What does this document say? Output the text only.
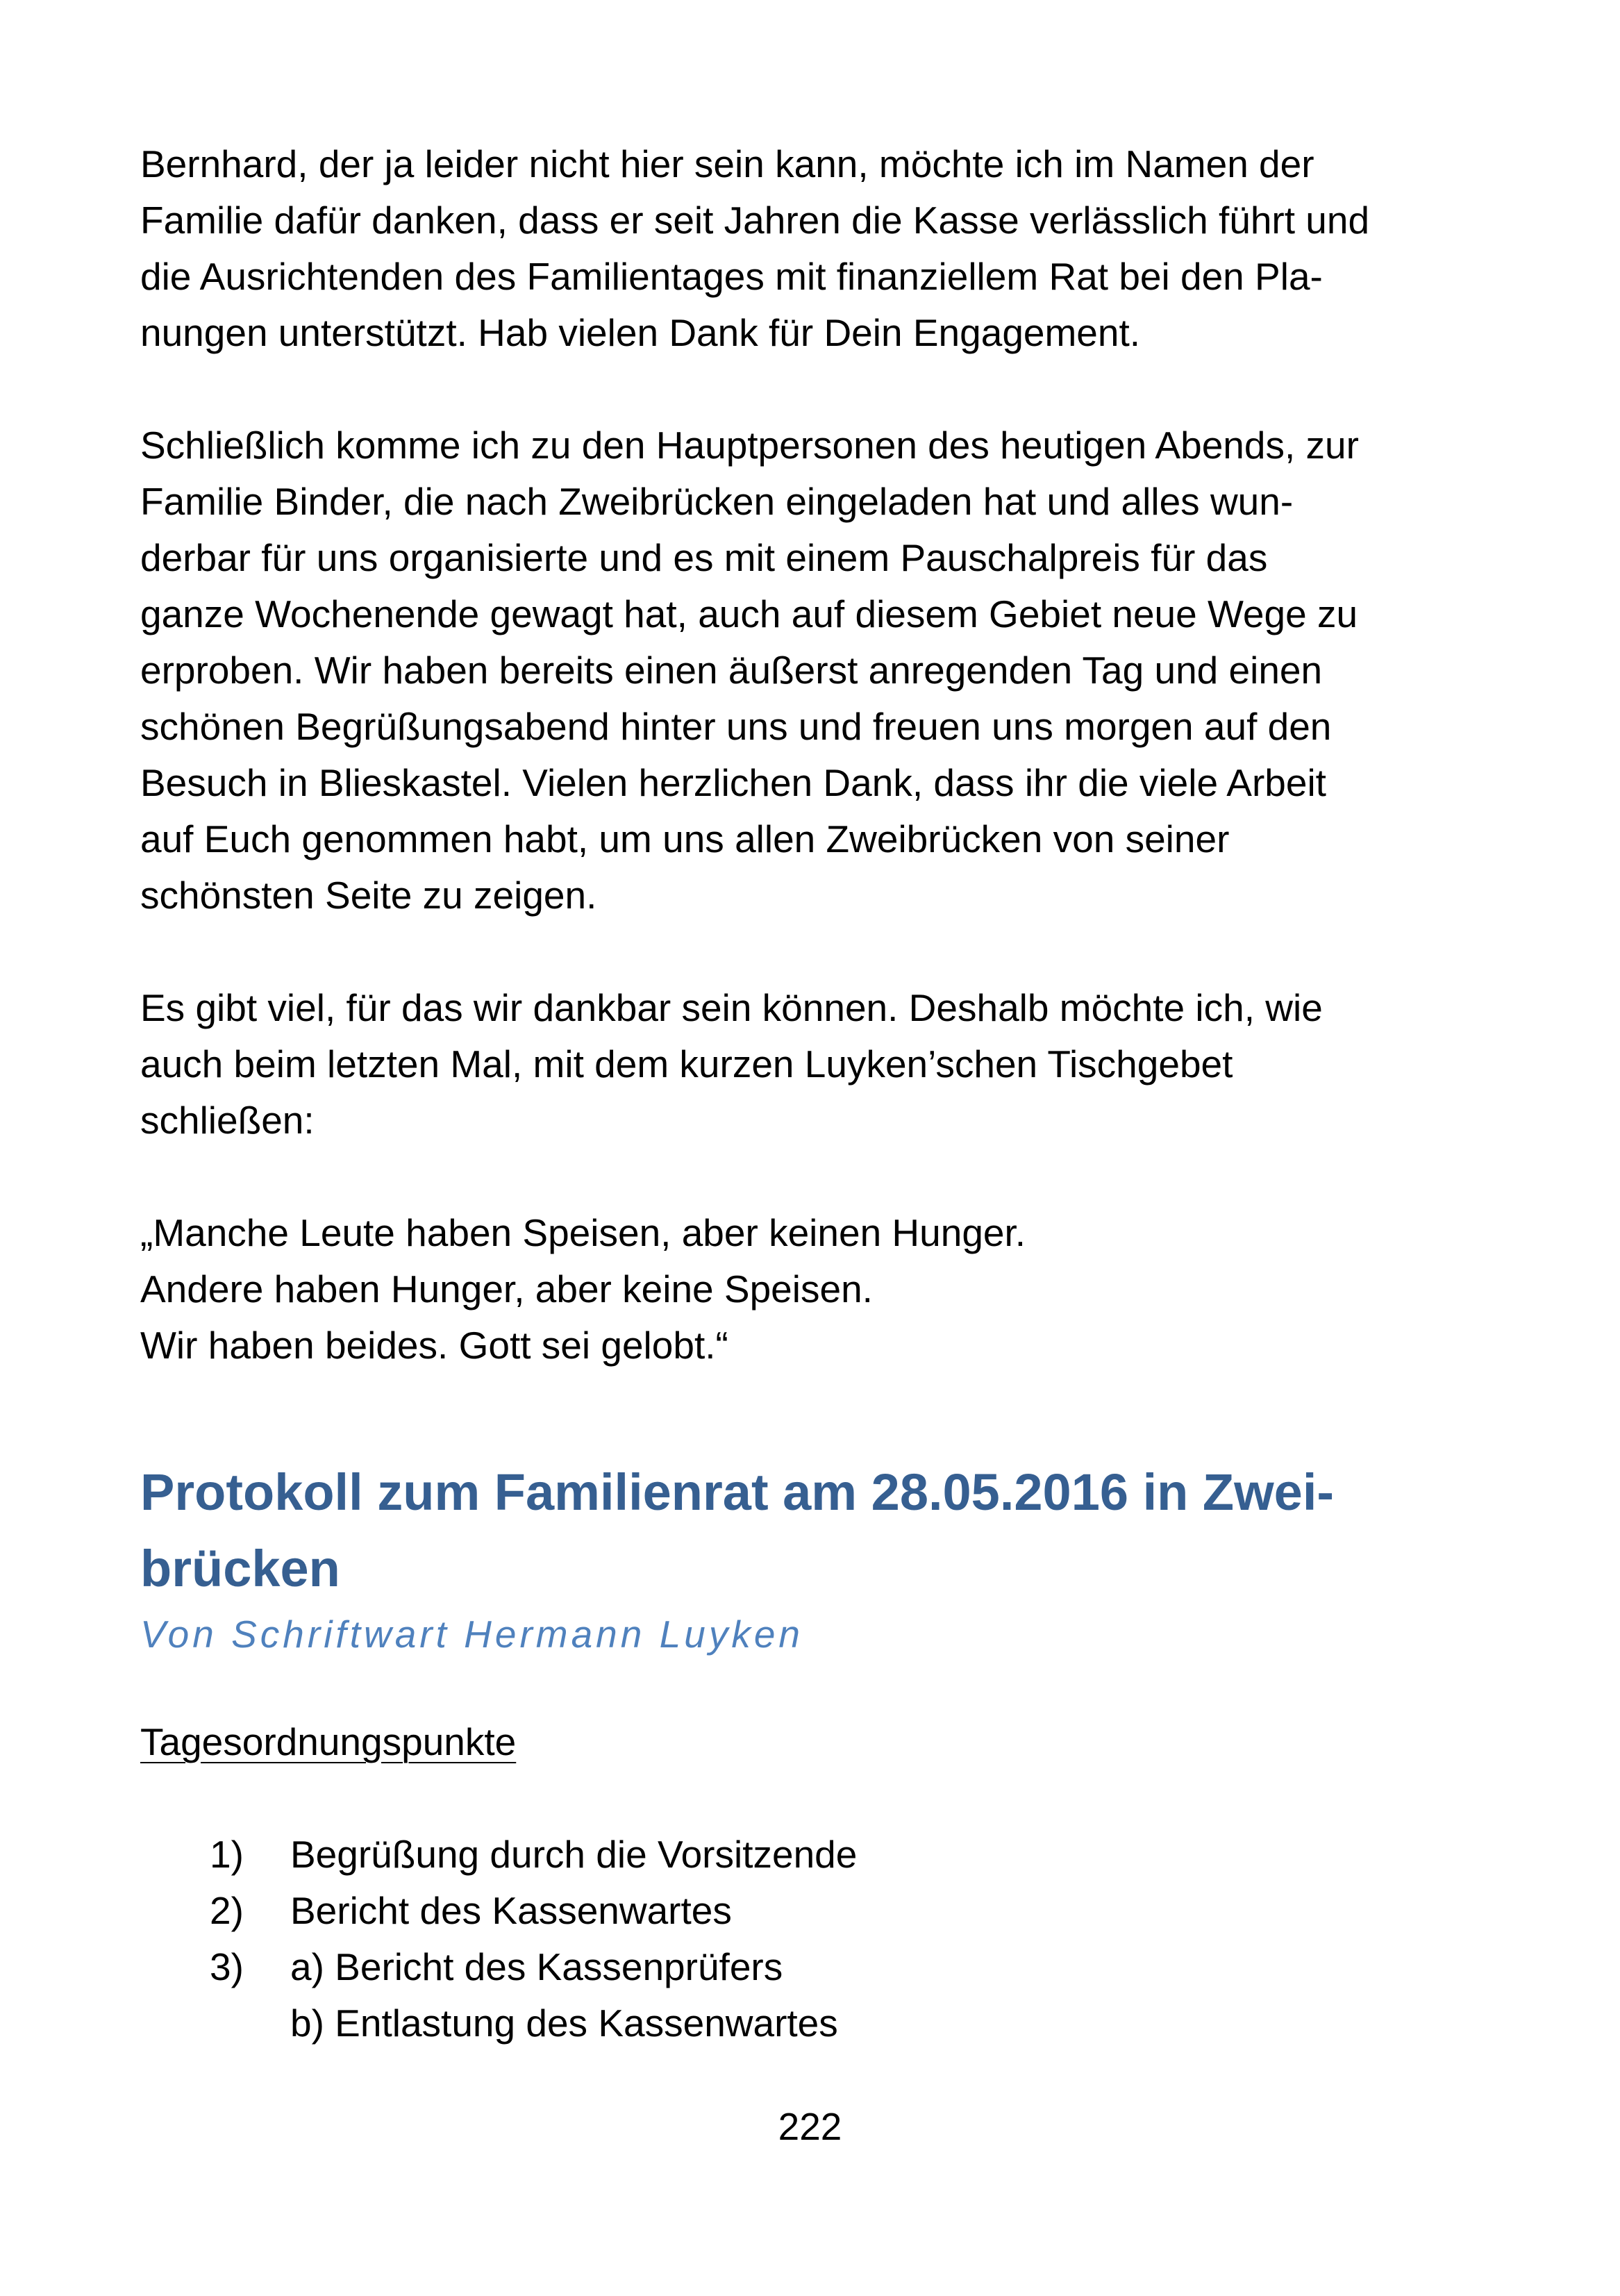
Bernhard, der ja leider nicht hier sein kann, möchte ich im Namen der
Familie dafür danken, dass er seit Jahren die Kasse verlässlich führt und
die Ausrichtenden des Familientages mit finanziellem Rat bei den Pla-
nungen unterstützt. Hab vielen Dank für Dein Engagement.
Schließlich komme ich zu den Hauptpersonen des heutigen Abends, zur
Familie Binder, die nach Zweibrücken eingeladen hat und alles wun-
derbar für uns organisierte und es mit einem Pauschalpreis für das
ganze Wochenende gewagt hat, auch auf diesem Gebiet neue Wege zu
erproben. Wir haben bereits einen äußerst anregenden Tag und einen
schönen Begrüßungsabend hinter uns und freuen uns morgen auf den
Besuch in Blieskastel. Vielen herzlichen Dank, dass ihr die viele Arbeit
auf Euch genommen habt, um uns allen Zweibrücken von seiner
schönsten Seite zu zeigen.
Es gibt viel, für das wir dankbar sein können. Deshalb möchte ich, wie
auch beim letzten Mal, mit dem kurzen Luyken’schen Tischgebet
schließen:
„Manche Leute haben Speisen, aber keinen Hunger.
Andere haben Hunger, aber keine Speisen.
Wir haben beides. Gott sei gelobt.“
Protokoll zum Familienrat am 28.05.2016 in Zwei-
brücken
Von Schriftwart Hermann Luyken
Tagesordnungspunkte
1) Begrüßung durch die Vorsitzende
2) Bericht des Kassenwartes
3) a) Bericht des Kassenprüfers
b) Entlastung des Kassenwartes
222
